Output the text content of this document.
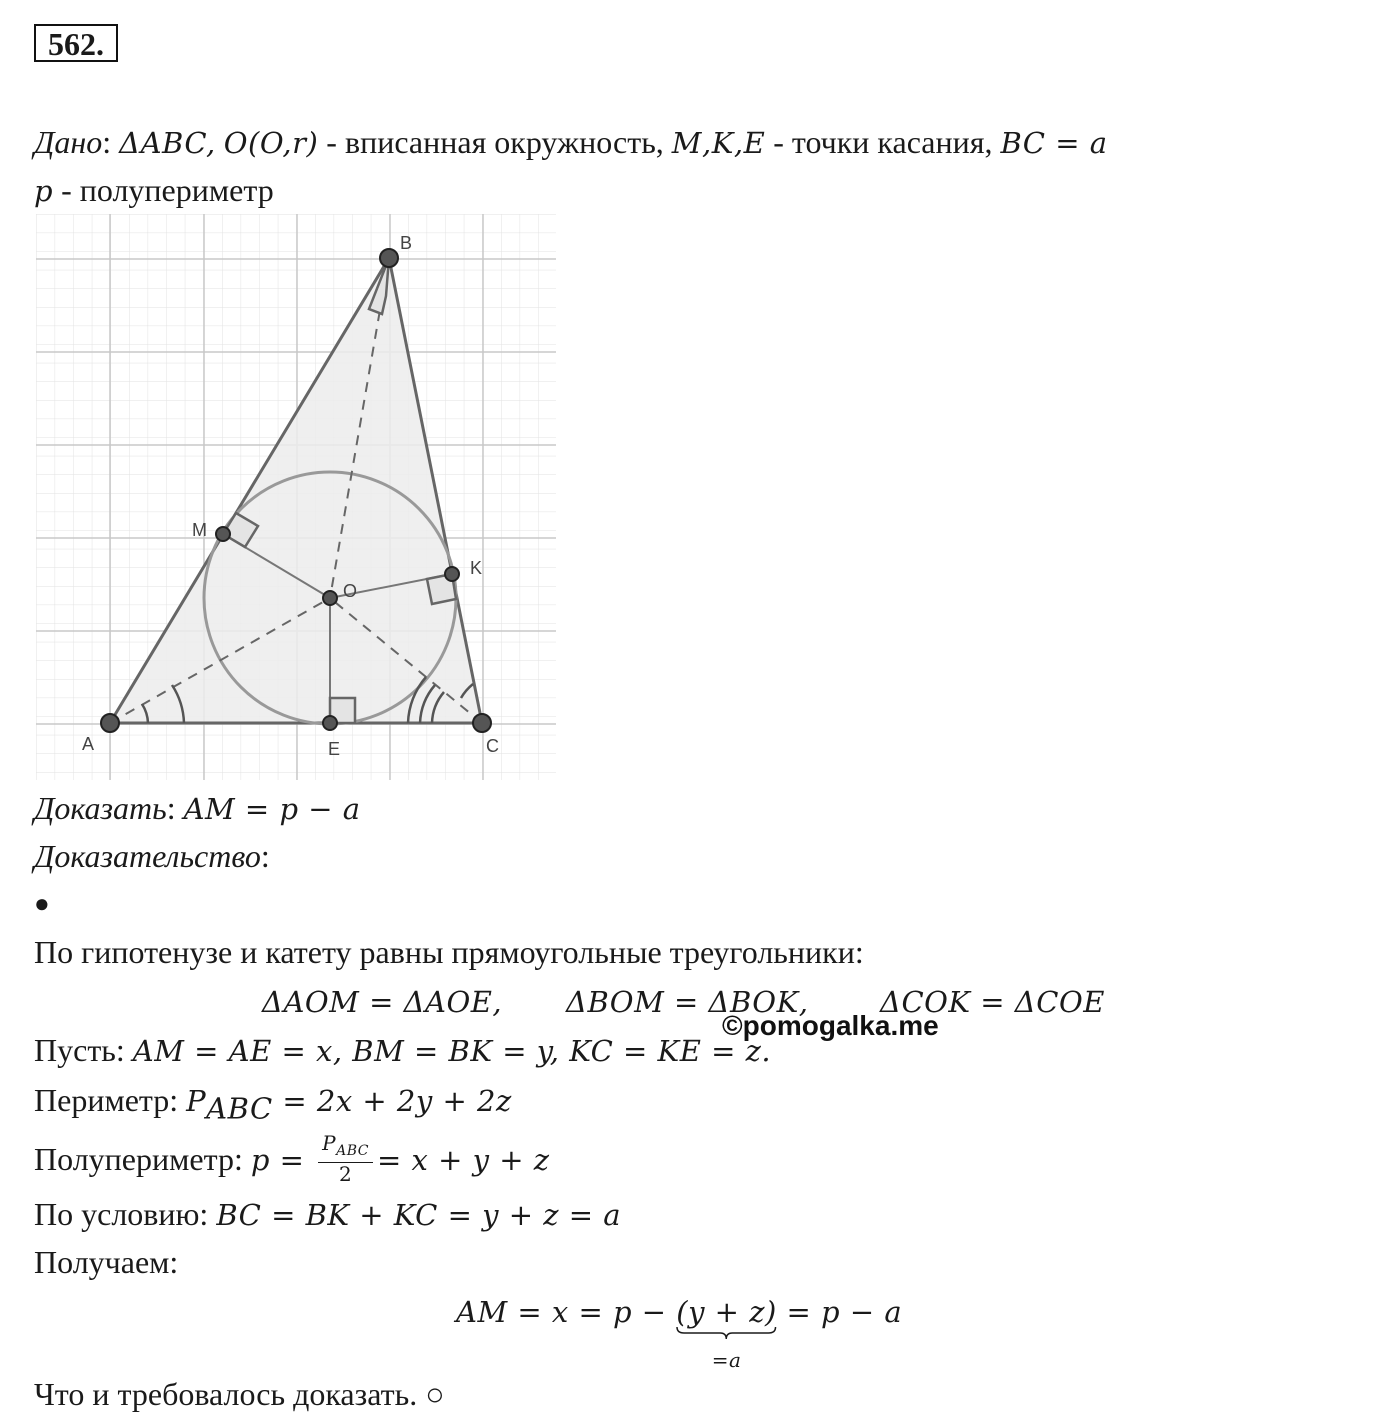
562.
Дано: ΔABC, O(O,r) - вписанная окружность, M,K,E - точки касания, BC = a
p - полупериметр
A
B
C
M
K
O
E
Доказать: AM = p − a
Доказательство:
●
По гипотенузе и катету равны прямоугольные треугольники:
ΔAOM = ΔAOE, ΔBOM = ΔBOK, ΔCOK = ΔCOE
Пусть: AM = AE = x, BM = BK = y, KC = KE = z.
©pomogalka.me
Периметр: $P_{ABC} = 2x + 2y + 2z$
Полупериметр: $p = \frac{P_{ABC}}{2} = x + y + z$
По условию: BC = BK + KC = y + z = a
Получаем:
AM = x = p − (y + z)
=a
= p − a
Что и требовалось доказать. ○
